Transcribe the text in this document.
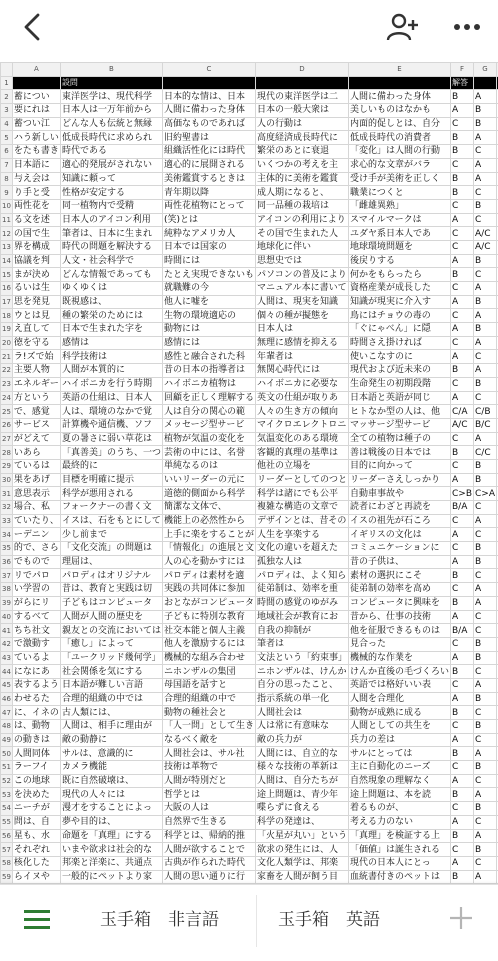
	A	B	C	D	E	F	G	
1		設問				解答		
2	蓄につい	東洋医学は、現代科学	日本的な情は、日本	現代の東洋医学は二	人間に備わった身体	B	A	
3	要にれは	日本人は一万年前から	人間に備わった身体	日本の一般大衆は	美しいものはなかも	A	B	
4	蓄つい江	どんな人も伝統と無縁	高価なものであれば	人の行動は	内面的促しとは、自分	C	B	
5	ハう新しい	低成長時代に求められ	旧約聖書は	高度経済成長時代に	低成長時代の消費者	B	A	
6	をたも書き	時代である	組織活性化には時代	繁栄のあとに衰退	「変化」は人間の行動	B	C	
7	日本語に	適心的発展がされない	適心的に展開される	いくつかの考えを主	求心的な文章がバラ	C	A	
8	与え会は	知識に頼って	美術鑑賞するときは	主体的に美術を鑑賞	受け手が美術を正しく	B	A	
9	り手と受	性格が安定する	青年期以降	成人期になると、	職業につくと	B	C	
10	両性花を	同一植物内で受精	両性花植物にとって	同一品種の栽培は	「雌雄異熟」	C	B	
11	る文を述	日本人のアイコン利用	(笑)とは	アイコンの利用により	スマイルマークは	A	C	
12	の国で生	筆者は、日本に生まれ	純粋なアメリカ人	その国で生まれた人	ユダヤ系日本人であ	C	A/C	
13	界を構成	時代の問題を解決する	日本では国家の	地球化に伴い	地球環境問題を	C	A/C	
14	協議を判	人文・社会科学で	時間には	思想史では	後戻りする	A	B	
15	まが決め	どんな情報であっても	たとえ実現できないも	パソコンの普及により	何かをもらったら	B	C	
16	るいは生	ゆくゆくは	就職難の今	マニュアル本に書いて	資格産業が成長した	C	A	
17	思を発見	既視感は、	他人に嘘を	人間は、現実を知識	知識が現実に介入す	A	B	
18	ウとは見	種の繁栄のためには	生物の環境適応の	個々の種が擬態を	鳥にはチョウの毒の	C	A	
19	え直して	日本で生まれた字を	動物には	日本人は	「ぐにゃべん」に隠	A	B	
20	徳を守る	感情は	感情には	無理に感情を抑える	時間さえ掛ければ	C	A	
21	ラ!ズで始	科学技術は	感性と融合された科	年輩者は	使いこなすのに	A	C	
22	主要人物	人間が本質的に	昔の日本の指導者は	無関心時代には	現代および近未来の	B	A	
23	エネルギー	ハイボニカを行う時期	ハイボニカ植物は	ハイボニカに必要な	生命発生の初期段階	C	B	
24	方という	英語の仕組は、日本人	回顧を正しく理解する	英文の仕組が取りあ	日本語と英語が同じ	A	C	
25	で、感覚	人は、環境のなかで覚	人は自分の関心の範	人々の生き方の傾向	ヒトなか型の人は、他	C/A	C/B	
26	サービス	計算機や通信機、ソフ	メッセージ型サービ	マイクロエレクトロニ	マッサージ型サービ	A/C	B/C	
27	がどえて	夏の暑さに弱い草花は	植物が気温の変化を	気温変化のある環境	全ての植物は種子の	C	A	
28	いあら	「真善美」のうち、一つ	芸術の中には、名誉	客観的真理の基準は	善は戦後の日本では	B	C/C	
29	ているは	最終的に	単純なるのは	他社の立場を	目的に向かって	C	B	
30	果をあげ	目標を明確に提示	いいリーダーの元に	リーダーとしてのつと	リーダーさえしっかり	A	B	
31	意思表示	科学が悪用される	道徳的側面から科学	科学は諸にでも公平	自動車事故や	C>B	C>A	
32	場合、私	フォークナーの書く文	簡潔な文体で、	複雑な構造の文章で	読者にわざと再読を	B/A	C	
33	ていたり、	イスは、石をもとにして	機能上の必然性から	デザインとは、昔その	イスの祖先が石ころ	C	A	
34	ーデニン	少し前まで	上手に楽をすることが	人生を享楽する	イギリスの文化は	A	C	
35	的で、さら	「文化交流」の問題は	「情報化」の進展と文	文化の違いを超えた	コミュニケーションに	C	B	
36	でもので	理屈は、	人の心を動かすには	孤独な人は	昔の子供は、	A	B	
37	リでパロ	パロディはオリジナル	パロディは素材を適	パロディは、よく知ら	素材の選択にこそ	B	C	
38	い学習の	昔は、教育と実践は切	実践の共同体に参加	徒弟制は、効率を重	徒弟制の効率を高め	C	A	
39	がらにリ	子どもはコンピュータ	おとながコンピュータ	時間の感覚のゆがみ	コンピュータに興味を	B	A	
40	するべて	人間が人間の歴史を	子どもに特別な教育	地域社会が教育にお	昔から、仕事の技術	A	C	
41	ちち社文	親友との交流においては	社交本能と個人主義	自我の抑制が	他を征服できるものは	B/A	C	
42	で激動す	「癒し」によって	他人を激励するには	筆者は	見合った	C	B	
43	ているよ	「ユークリッド幾何学」	機械的な組み合わせ	文法という「約束事」	機械的な作業を	A	B	
44	になにあ	社会関係を気にする	ニホンザルの集団	ニホンザルは、けんか	けんか直後の毛づくろい	B	C	
45	表するよう	日本語が難しい言語	母国語を話すと	自分の思ったこと、	英語では格好いい表	C	A	
46	わせるた	合理的組織の中では	合理的組織の中で	指示系統の単一化	人間を合理化	A	B	
47	に、イネの	古人類には、	動物の種社会と	人間社会は	動物が成熟に成る	B	C	
48	は、動物	人間は、相手に理由が	「人一問」として生き	人は常に有意味な	人間としての共生を	C	B	
49	の動きは	敵の動静に	なるべく敵を	敵の兵力が	兵力の差は	A	C	
50	人間同体	サルは、意識的に	人間社会は、サル社	人間には、自立的な	サルにとっては	B	A	
51	ラーフイ	カメラ機能	技術は革物で	様々な技術の革新は	主に自動化のニーズ	C	B	
52	この地球	既に自然破壊は、	人間が特別だと	人間は、自分たちが	自然現象の理解なく	A	C	
53	を決めた	現代の人々には	哲学とは	途上問題は、青少年	途上問題は、本を読	B	A	
54	ニーチが	漫才をすることによっ	大阪の人は	喋らずに食える	着るものが、	C	B	
55	問は、自	夢や目的は、	自然界で生きる	科学の発達は、	考える力のない	A	C	
56	星も、水	命題を「真理」にする	科学とは、帰納的推	「火星が丸い」という	「真理」を検証する上	B	A	
57	それぞれ	いまや欲求は社会的な	人間が欲することで	欲求の発生には、人	「価値」は誕生される	C	B	
58	核化した	邦楽と洋楽に、共通点	古典が作られた時代	文化人類学は、邦楽	現代の日本人にとっ	A	C	
59	らイヌや	一般的にペットより家	人間の思い通りに行	家畜を人間が飼う目	血統書付きのペットは	B	A	

玉手箱　非言語	玉手箱　英語
